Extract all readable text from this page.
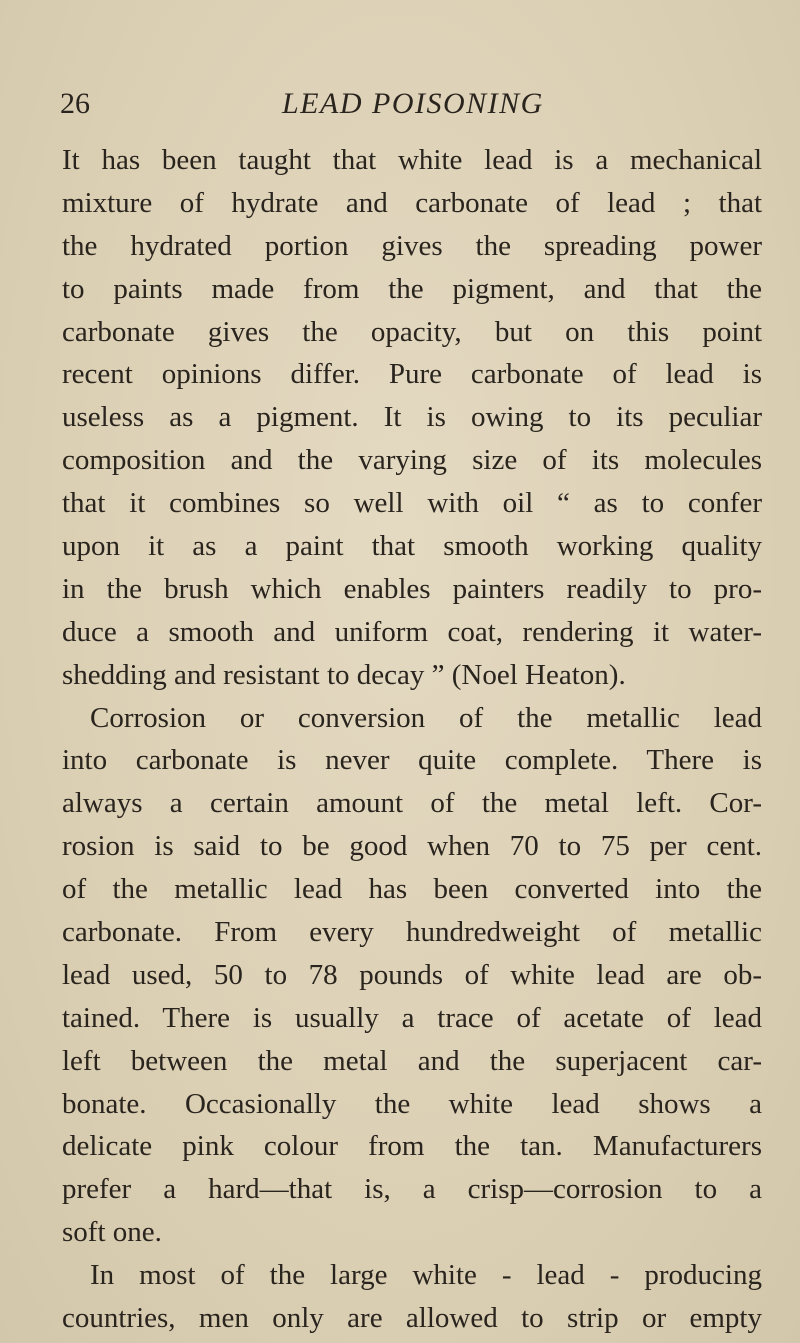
26	LEAD POISONING
It has been taught that white lead is a mechanical
mixture of hydrate and carbonate of lead ; that
the hydrated portion gives the spreading power
to paints made from the pigment, and that the
carbonate gives the opacity, but on this point
recent opinions differ. Pure carbonate of lead is
useless as a pigment. It is owing to its peculiar
composition and the varying size of its molecules
that it combines so well with oil “ as to confer
upon it as a paint that smooth working quality
in the brush which enables painters readily to pro-
duce a smooth and uniform coat, rendering it water-
shedding and resistant to decay ” (Noel Heaton).
Corrosion or conversion of the metallic lead
into carbonate is never quite complete. There is
always a certain amount of the metal left. Cor-
rosion is said to be good when 70 to 75 per cent.
of the metallic lead has been converted into the
carbonate. From every hundredweight of metallic
lead used, 50 to 78 pounds of white lead are ob-
tained. There is usually a trace of acetate of lead
left between the metal and the superjacent car-
bonate. Occasionally the white lead shows a
delicate pink colour from the tan. Manufacturers
prefer a hard—that is, a crisp—corrosion to a
soft one.
In most of the large white - lead - producing
countries, men only are allowed to strip or empty
